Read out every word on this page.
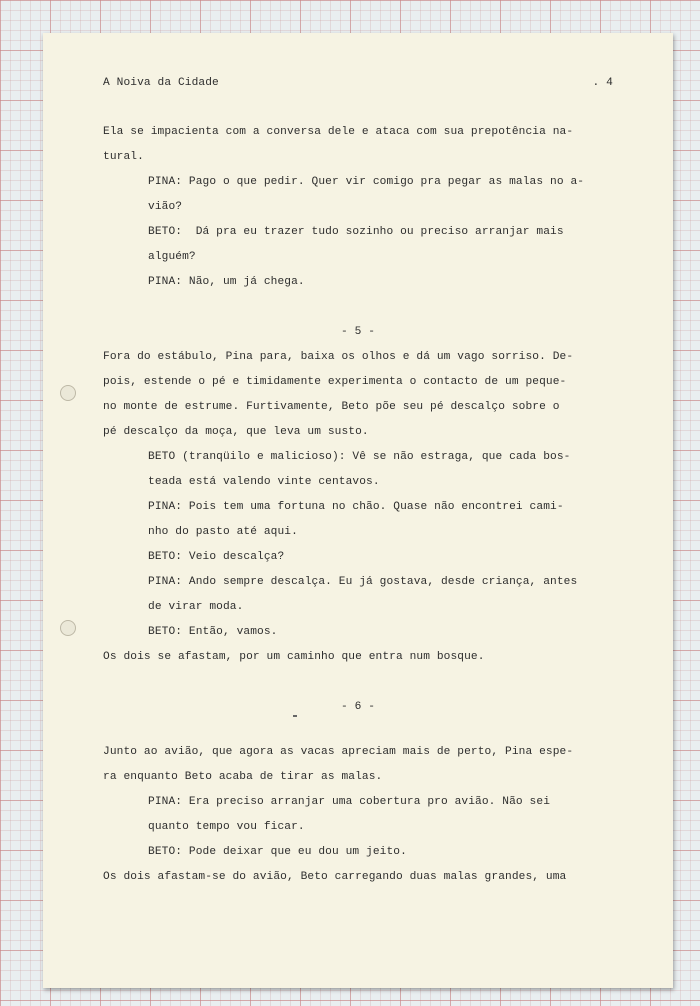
A Noiva da Cidade	. 4
Ela se impacienta com a conversa dele e ataca com sua prepotência na-
tural.
PINA: Pago o que pedir. Quer vir comigo pra pegar as malas no a-
vião?
BETO:  Dá pra eu trazer tudo sozinho ou preciso arranjar mais
alguém?
PINA: Não, um já chega.
- 5 -
Fora do estábulo, Pina para, baixa os olhos e dá um vago sorriso. De-
pois, estende o pé e timidamente experimenta o contacto de um peque-
no monte de estrume. Furtivamente, Beto põe seu pé descalço sobre o
pé descalço da moça, que leva um susto.
BETO (tranqüilo e malicioso): Vê se não estraga, que cada bos-
teada está valendo vinte centavos.
PINA: Pois tem uma fortuna no chão. Quase não encontrei cami-
nho do pasto até aqui.
BETO: Veio descalça?
PINA: Ando sempre descalça. Eu já gostava, desde criança, antes
de virar moda.
BETO: Então, vamos.
Os dois se afastam, por um caminho que entra num bosque.
- 6 -
Junto ao avião, que agora as vacas apreciam mais de perto, Pina espe-
ra enquanto Beto acaba de tirar as malas.
PINA: Era preciso arranjar uma cobertura pro avião. Não sei
quanto tempo vou ficar.
BETO: Pode deixar que eu dou um jeito.
Os dois afastam-se do avião, Beto carregando duas malas grandes, uma
